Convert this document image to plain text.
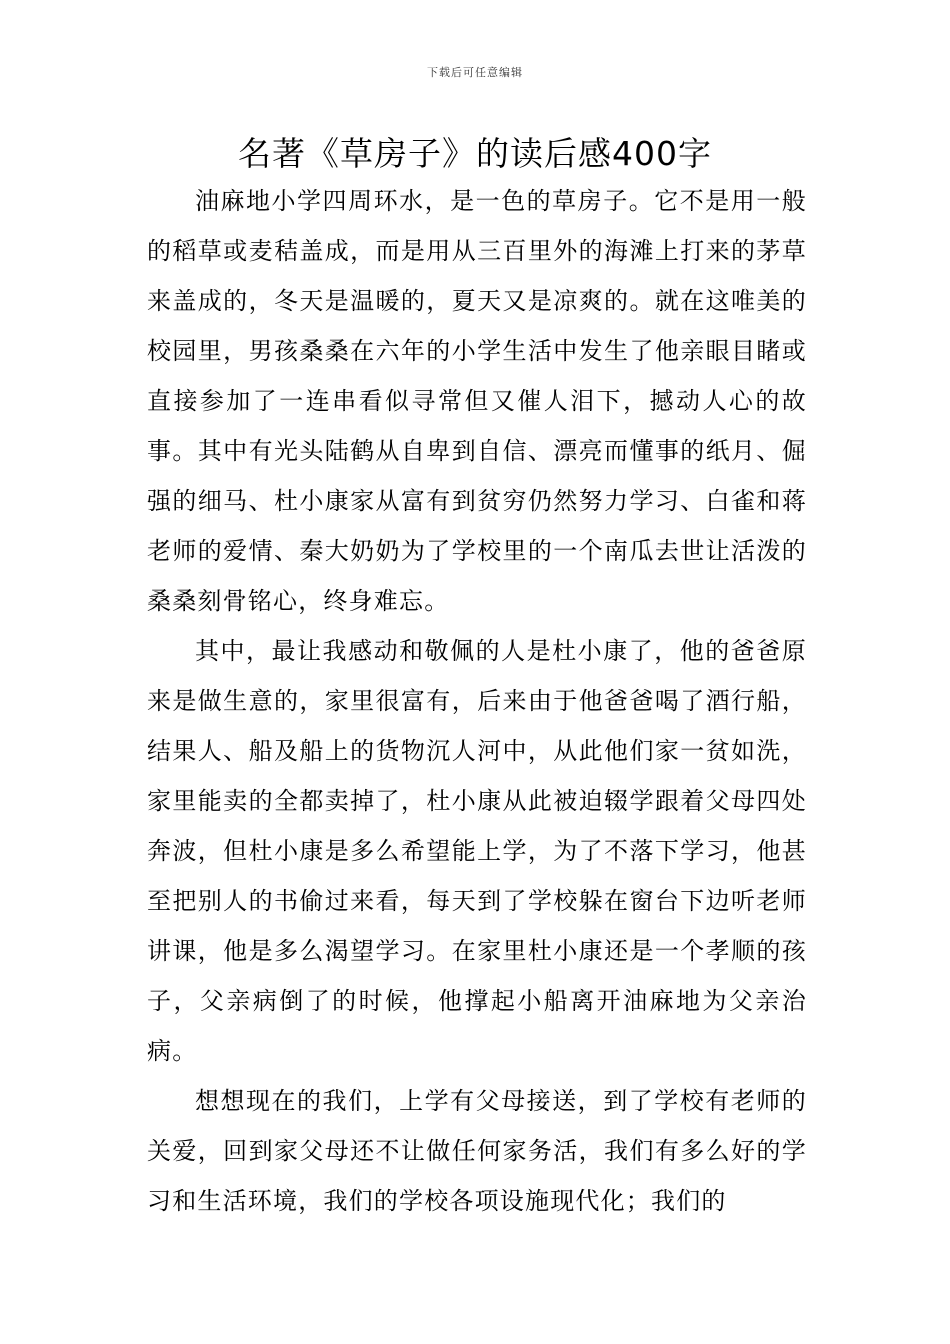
下载后可任意编辑
名著《草房子》的读后感400字

油麻地小学四周环水，是一色的草房子。它不是用一般的稻草或麦秸盖成，而是用从三百里外的海滩上打来的茅草来盖成的，冬天是温暖的，夏天又是凉爽的。就在这唯美的校园里，男孩桑桑在六年的小学生活中发生了他亲眼目睹或直接参加了一连串看似寻常但又催人泪下，撼动人心的故事。其中有光头陆鹤从自卑到自信、漂亮而懂事的纸月、倔强的细马、杜小康家从富有到贫穷仍然努力学习、白雀和蒋老师的爱情、秦大奶奶为了学校里的一个南瓜去世让活泼的桑桑刻骨铭心，终身难忘。

其中，最让我感动和敬佩的人是杜小康了，他的爸爸原来是做生意的，家里很富有，后来由于他爸爸喝了酒行船，结果人、船及船上的货物沉人河中，从此他们家一贫如洗，家里能卖的全都卖掉了，杜小康从此被迫辍学跟着父母四处奔波，但杜小康是多么希望能上学，为了不落下学习，他甚至把别人的书偷过来看，每天到了学校躲在窗台下边听老师讲课，他是多么渴望学习。在家里杜小康还是一个孝顺的孩子，父亲病倒了的时候，他撑起小船离开油麻地为父亲治病。

想想现在的我们，上学有父母接送，到了学校有老师的关爱，回到家父母还不让做任何家务活，我们有多么好的学习和生活环境，我们的学校各项设施现代化；我们的
